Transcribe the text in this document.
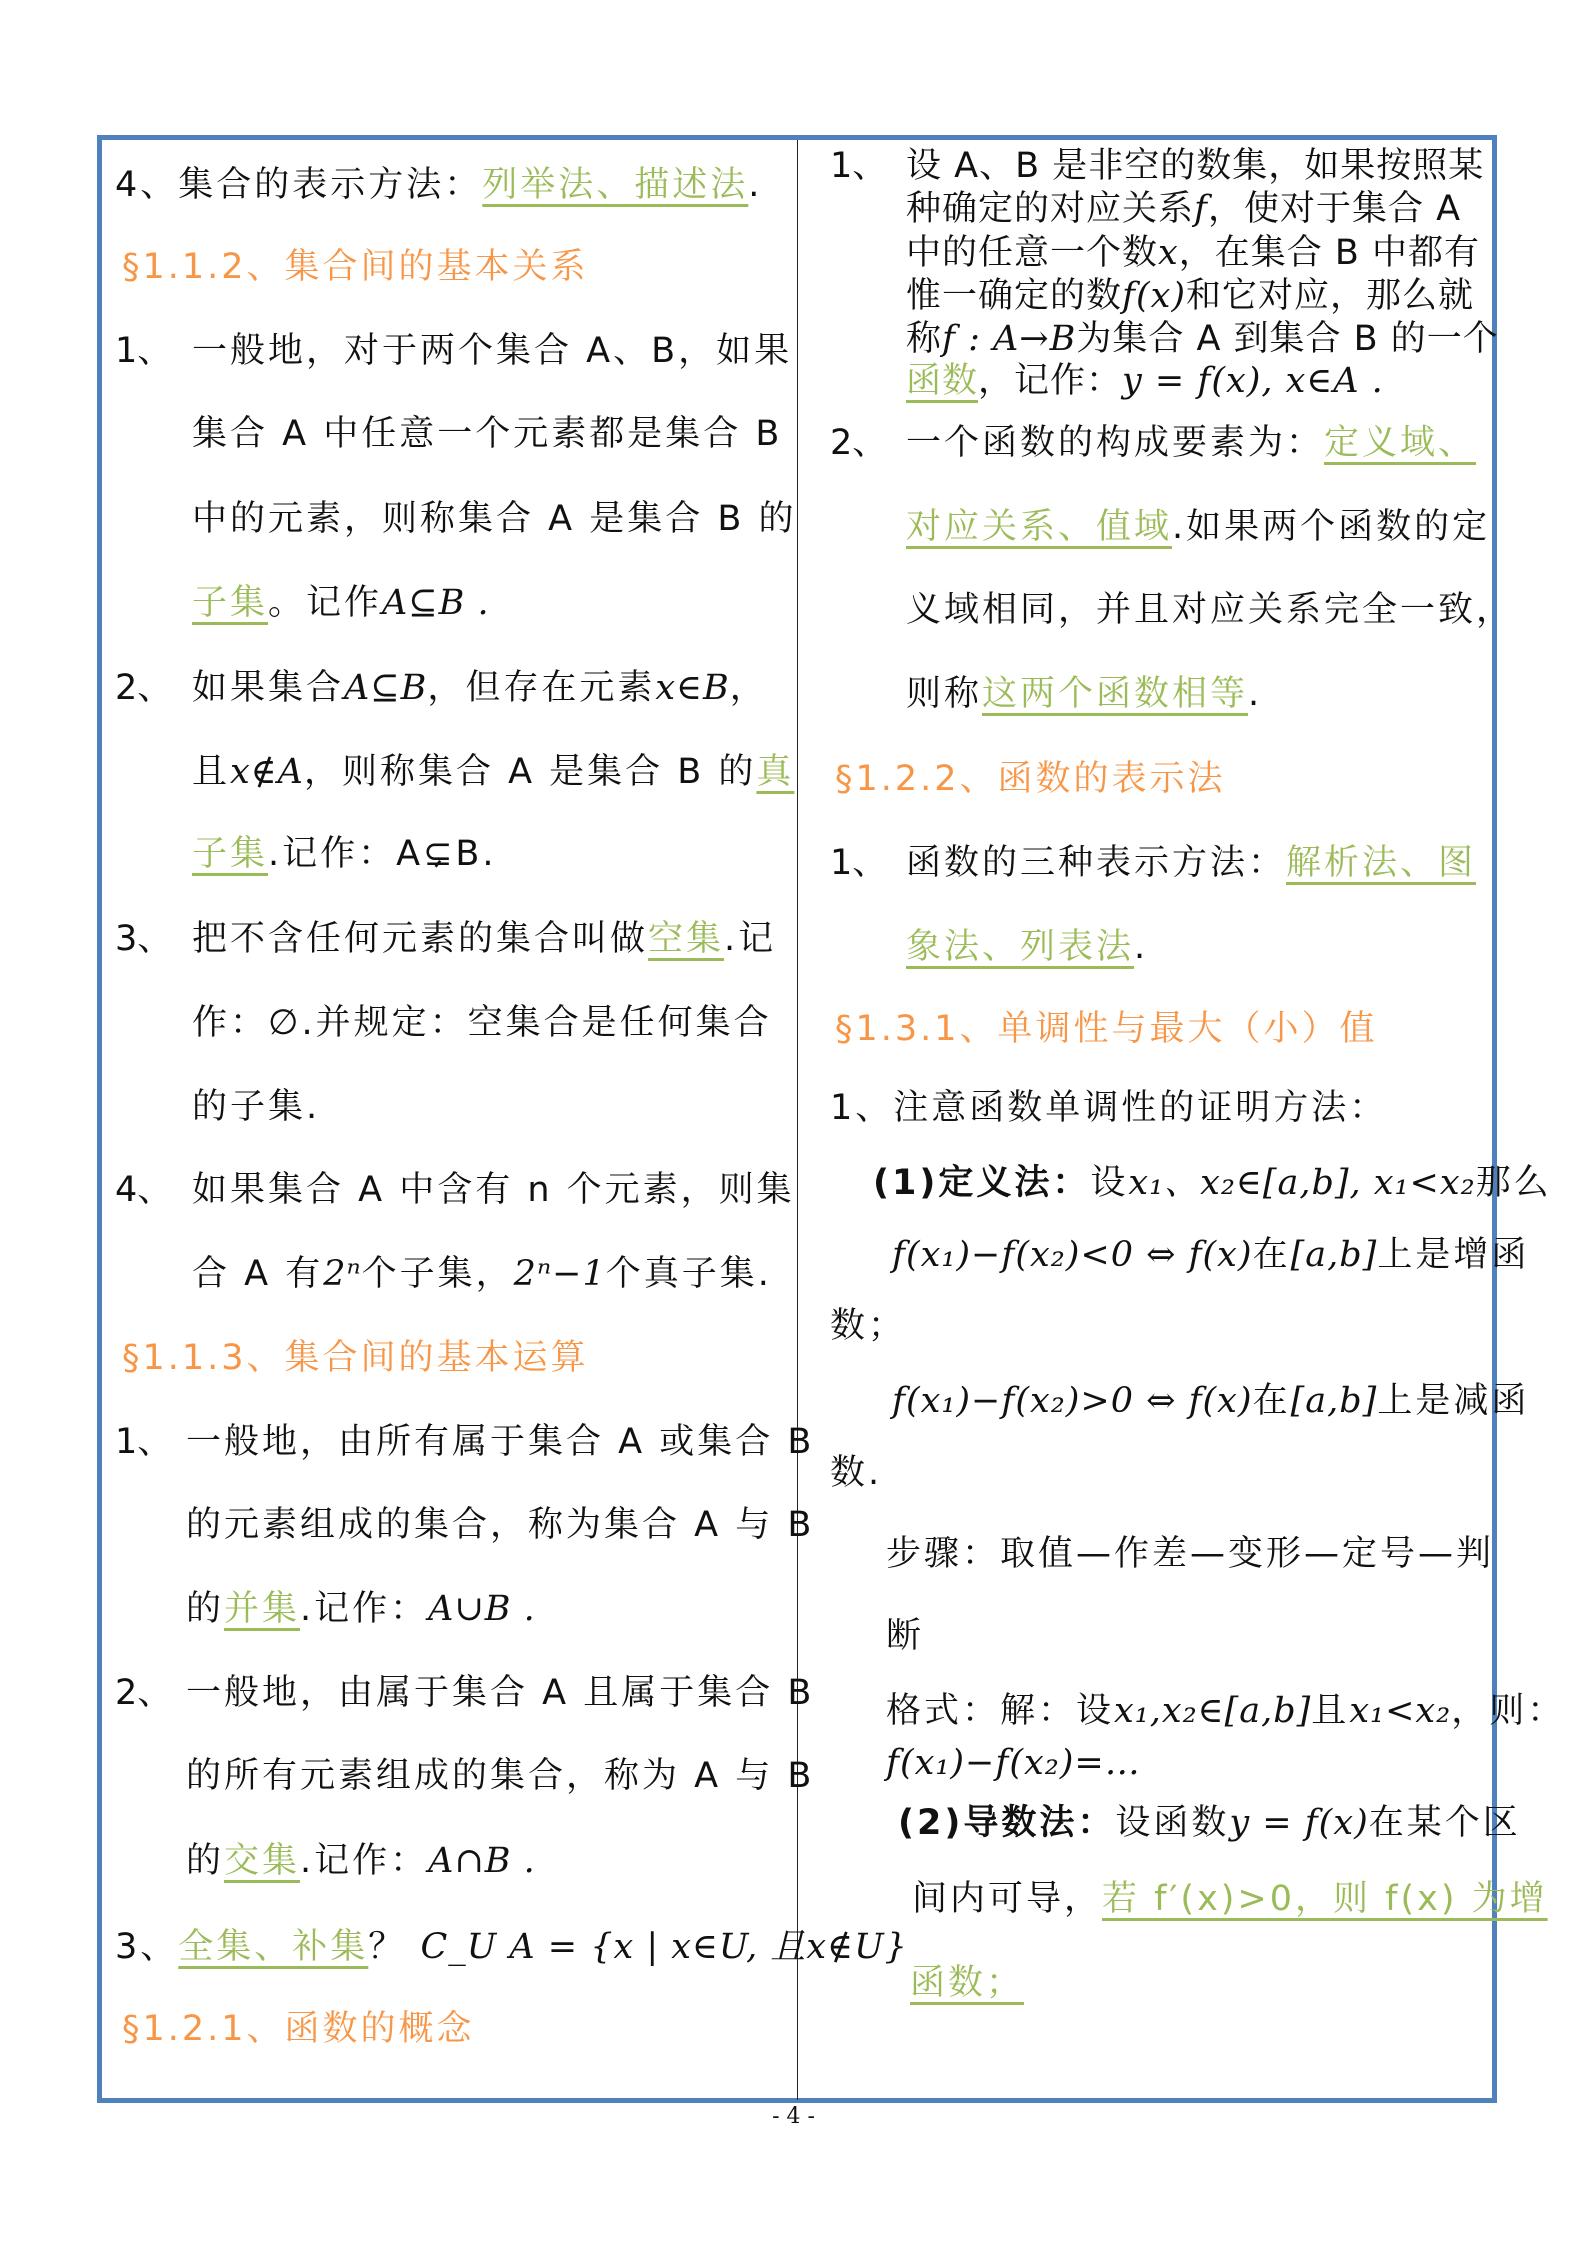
4、集合的表示方法：列举法、描述法.
§1.1.2、集合间的基本关系
1、 一般地，对于两个集合 A、B，如果
集合 A 中任意一个元素都是集合 B
中的元素，则称集合 A 是集合 B 的
子集。记作A⊆B .
2、 如果集合A⊆B，但存在元素x∈B，
且x∉A，则称集合 A 是集合 B 的真
子集.记作：A⊊B.
3、 把不含任何元素的集合叫做空集.记
作：∅.并规定：空集合是任何集合
的子集.
4、 如果集合 A 中含有 n 个元素，则集
合 A 有2ⁿ个子集，2ⁿ−1个真子集.
§1.1.3、集合间的基本运算
1、 一般地，由所有属于集合 A 或集合 B
的元素组成的集合，称为集合 A 与 B
的并集.记作：A∪B .
2、 一般地，由属于集合 A 且属于集合 B
的所有元素组成的集合，称为 A 与 B
的交集.记作：A∩B .
3、全集、补集？ C_U A = {x | x∈U, 且x∉U}
§1.2.1、函数的概念
1、 设 A、B 是非空的数集，如果按照某
种确定的对应关系f，使对于集合 A
中的任意一个数x，在集合 B 中都有
惟一确定的数f(x)和它对应，那么就
称f : A→B为集合 A 到集合 B 的一个
函数，记作：y = f(x), x∈A .
2、 一个函数的构成要素为：定义域、
对应关系、值域.如果两个函数的定
义域相同，并且对应关系完全一致，
则称这两个函数相等.
§1.2.2、函数的表示法
1、 函数的三种表示方法：解析法、图
象法、列表法.
§1.3.1、单调性与最大（小）值
1、注意函数单调性的证明方法：
(1)定义法：设x₁、x₂∈[a,b], x₁<x₂那么
f(x₁)−f(x₂)<0 ⇔ f(x)在[a,b]上是增函
数；
f(x₁)−f(x₂)>0 ⇔ f(x)在[a,b]上是减函
数.
步骤：取值—作差—变形—定号—判
断
格式：解：设x₁,x₂∈[a,b]且x₁<x₂，则：
f(x₁)−f(x₂)=…
(2)导数法：设函数y = f(x)在某个区
间内可导，若 f′(x)>0，则 f(x) 为增
函数；
- 4 -
